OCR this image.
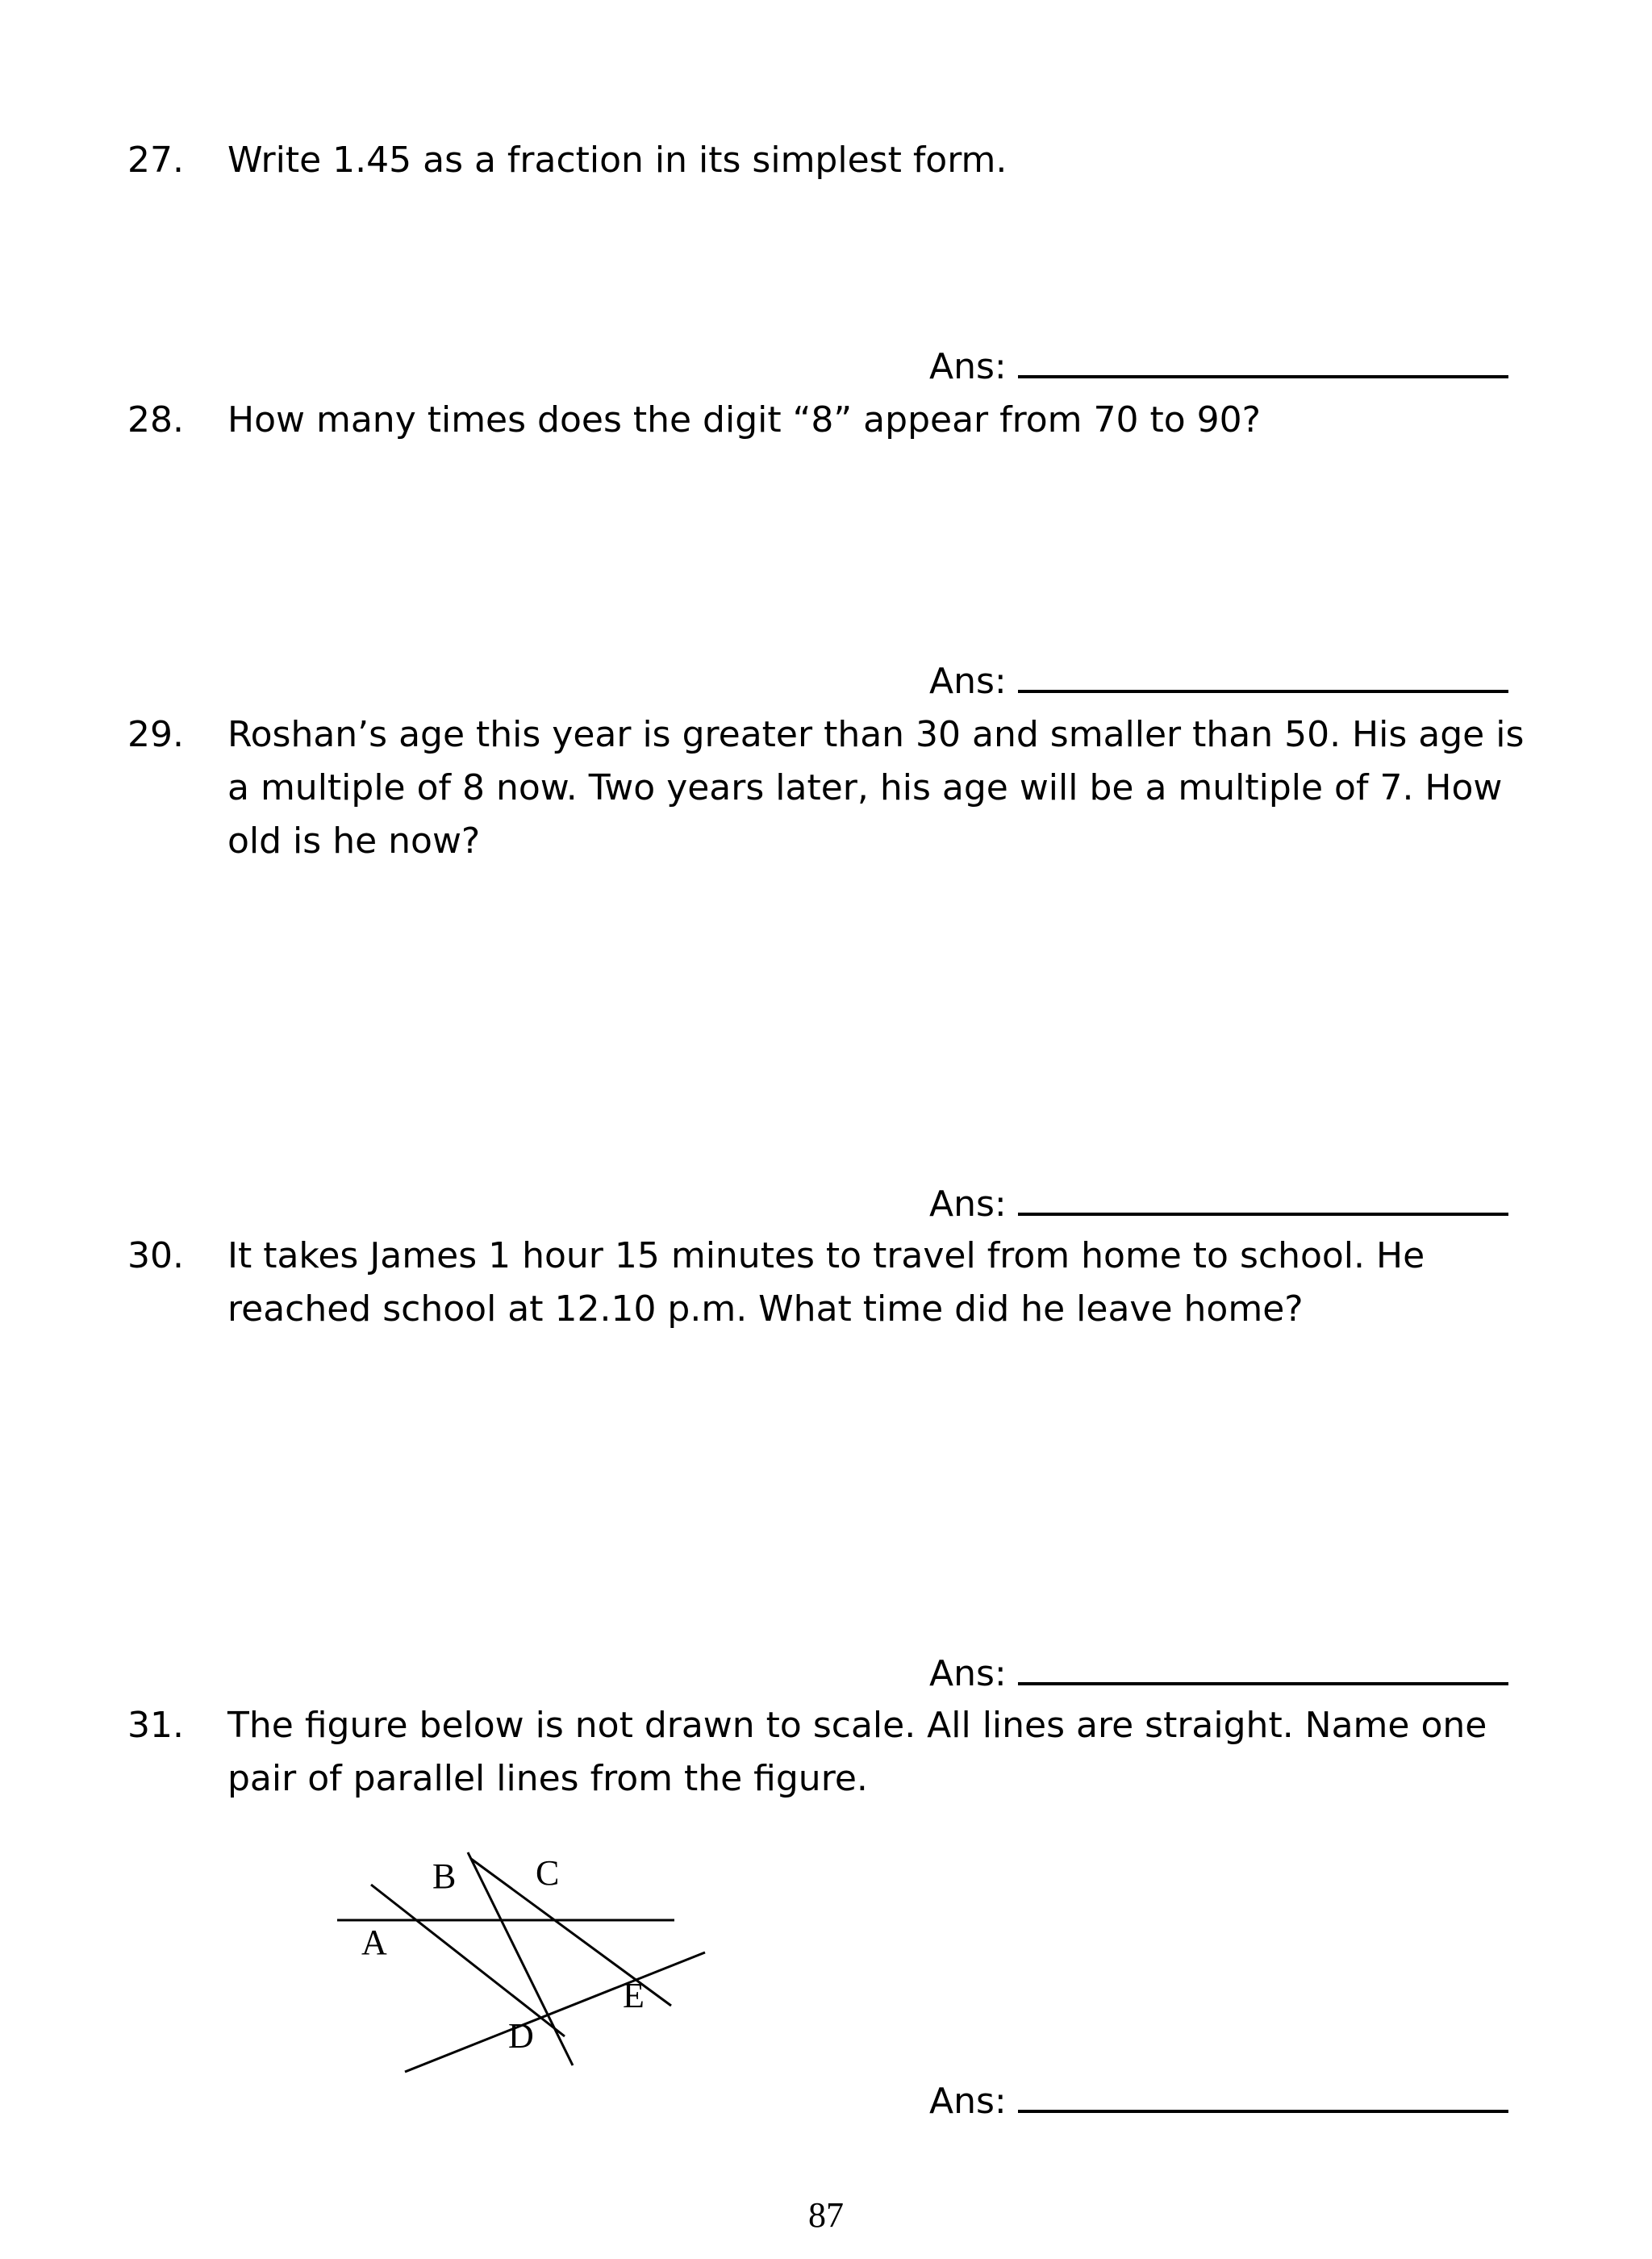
27. Write 1.45 as a fraction in its simplest form.
Ans:
28. How many times does the digit “8” appear from 70 to 90?
Ans:
29. Roshan’s age this year is greater than 30 and smaller than 50. His age is
a multiple of 8 now. Two years later, his age will be a multiple of 7. How
old is he now?
Ans:
30. It takes James 1 hour 15 minutes to travel from home to school. He
reached school at 12.10 p.m. What time did he leave home?
Ans:
31. The figure below is not drawn to scale. All lines are straight. Name one
pair of parallel lines from the figure.
B C
A
E
D
Ans:
87
